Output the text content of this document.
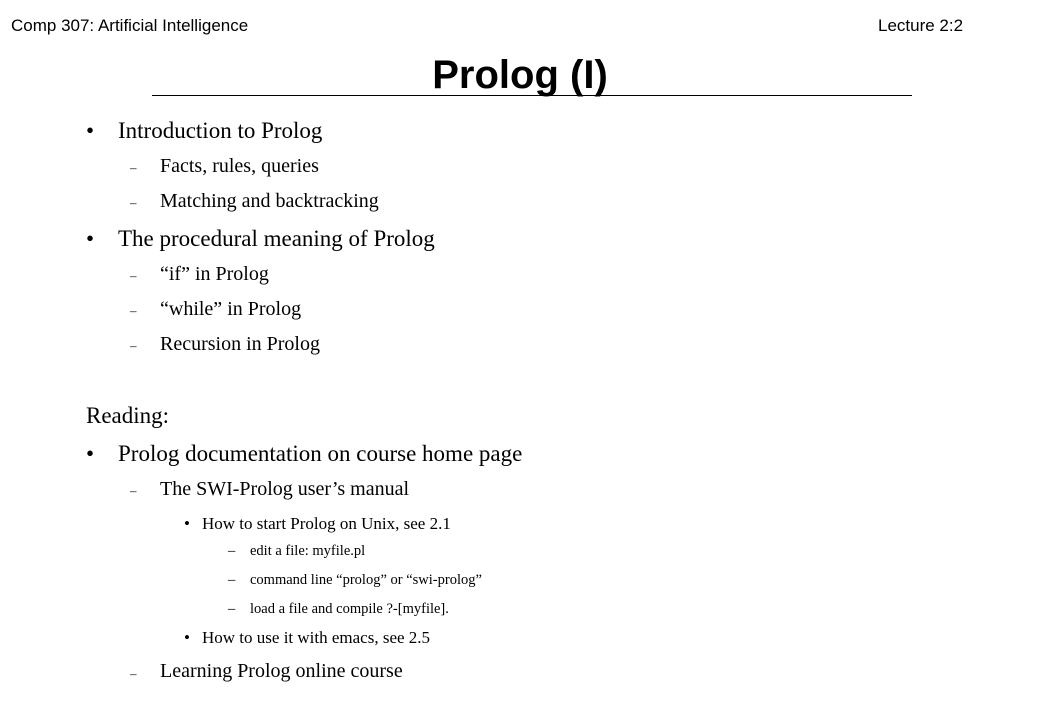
Comp 307: Artificial Intelligence	Lecture 2:2
Prolog (I)
• Introduction to Prolog
– Facts, rules, queries
– Matching and backtracking
• The procedural meaning of Prolog
– “if” in Prolog
– “while” in Prolog
– Recursion in Prolog
Reading:
• Prolog documentation on course home page
– The SWI-Prolog user’s manual
• How to start Prolog on Unix, see 2.1
– edit a file: myfile.pl
– command line “prolog” or “swi-prolog”
– load a file and compile ?-[myfile].
• How to use it with emacs, see 2.5
– Learning Prolog online course
